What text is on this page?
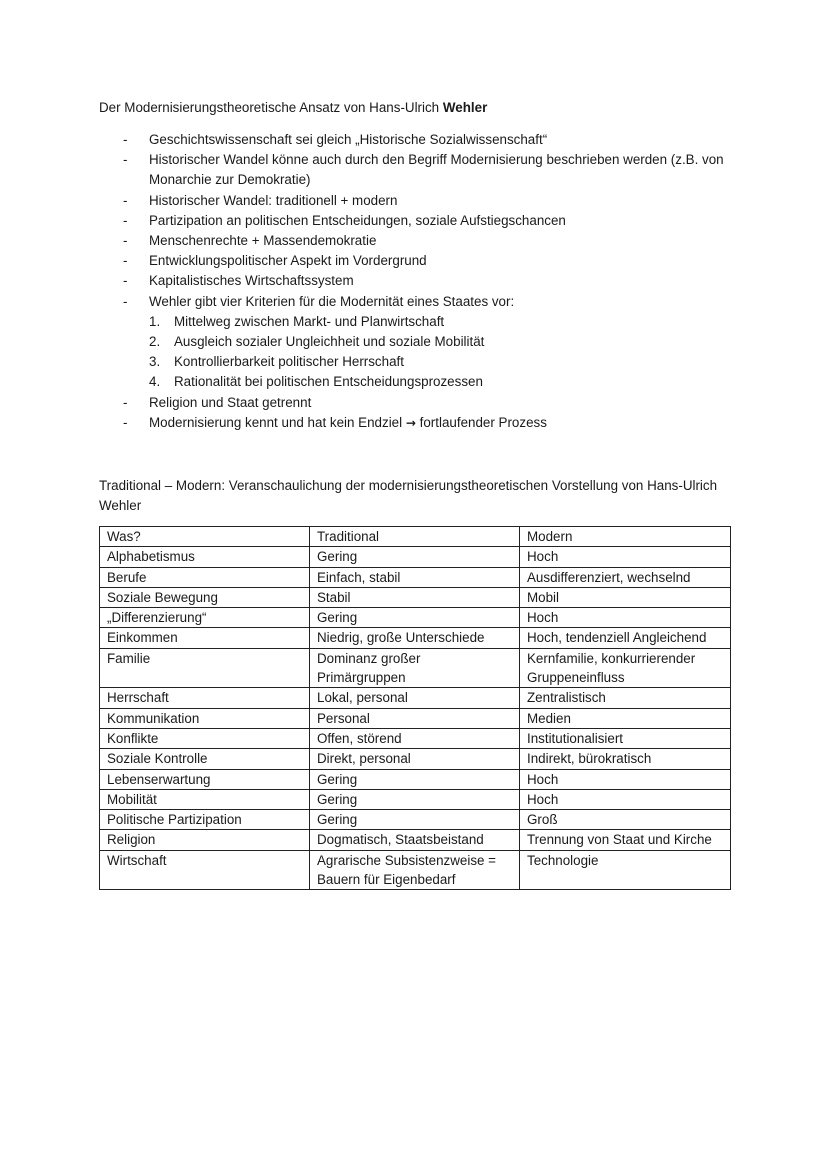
Der Modernisierungstheoretische Ansatz von Hans-Ulrich Wehler
- Geschichtswissenschaft sei gleich „Historische Sozialwissenschaft“
- Historischer Wandel könne auch durch den Begriff Modernisierung beschrieben werden (z.B. von Monarchie zur Demokratie)
- Historischer Wandel: traditionell + modern
- Partizipation an politischen Entscheidungen, soziale Aufstiegschancen
- Menschenrechte + Massendemokratie
- Entwicklungspolitischer Aspekt im Vordergrund
- Kapitalistisches Wirtschaftssystem
- Wehler gibt vier Kriterien für die Modernität eines Staates vor:
1. Mittelweg zwischen Markt- und Planwirtschaft
2. Ausgleich sozialer Ungleichheit und soziale Mobilität
3. Kontrollierbarkeit politischer Herrschaft
4. Rationalität bei politischen Entscheidungsprozessen
- Religion und Staat getrennt
- Modernisierung kennt und hat kein Endziel → fortlaufender Prozess
Traditional – Modern: Veranschaulichung der modernisierungstheoretischen Vorstellung von Hans-Ulrich Wehler
Was?	Traditional	Modern
Alphabetismus	Gering	Hoch
Berufe	Einfach, stabil	Ausdifferenziert, wechselnd
Soziale Bewegung	Stabil	Mobil
„Differenzierung“	Gering	Hoch
Einkommen	Niedrig, große Unterschiede	Hoch, tendenziell Angleichend
Familie	Dominanz großer Primärgruppen	Kernfamilie, konkurrierender Gruppeneinfluss
Herrschaft	Lokal, personal	Zentralistisch
Kommunikation	Personal	Medien
Konflikte	Offen, störend	Institutionalisiert
Soziale Kontrolle	Direkt, personal	Indirekt, bürokratisch
Lebenserwartung	Gering	Hoch
Mobilität	Gering	Hoch
Politische Partizipation	Gering	Groß
Religion	Dogmatisch, Staatsbeistand	Trennung von Staat und Kirche
Wirtschaft	Agrarische Subsistenzweise = Bauern für Eigenbedarf	Technologie
